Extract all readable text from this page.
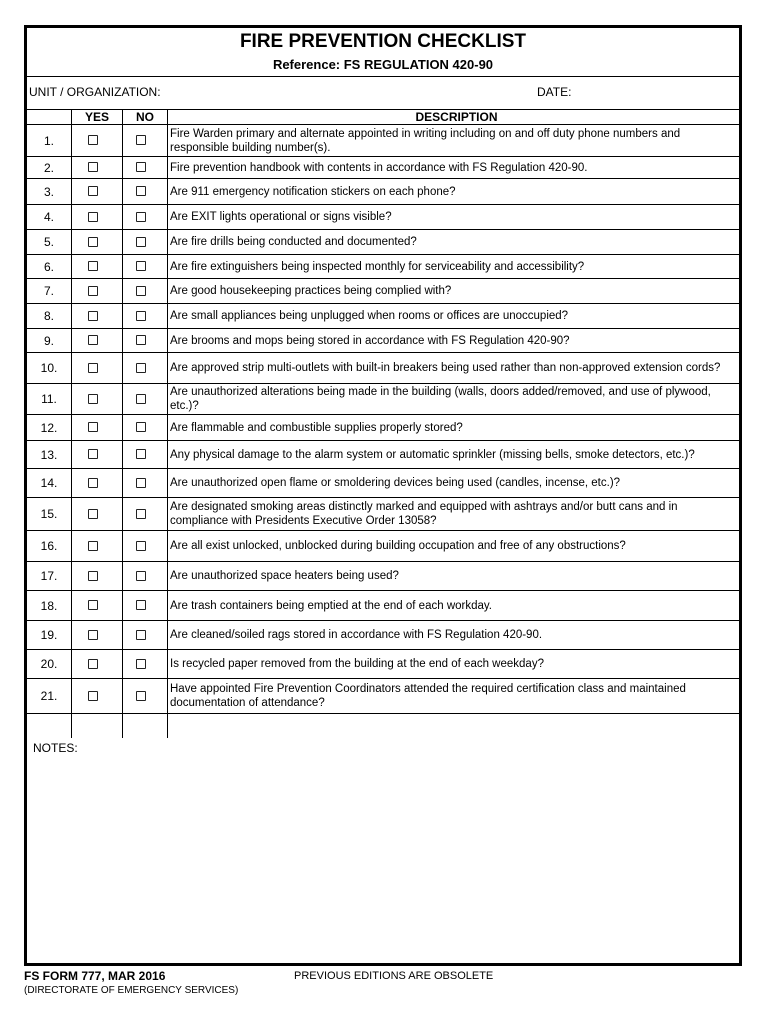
FIRE PREVENTION CHECKLIST
Reference: FS REGULATION 420-90
UNIT / ORGANIZATION:	DATE:
YES	NO	DESCRIPTION
1.	Fire Warden primary and alternate appointed in writing including on and off duty phone numbers and responsible building number(s).
2.	Fire prevention handbook with contents in accordance with FS Regulation 420-90.
3.	Are 911 emergency notification stickers on each phone?
4.	Are EXIT lights operational or signs visible?
5.	Are fire drills being conducted and documented?
6.	Are fire extinguishers being inspected monthly for serviceability and accessibility?
7.	Are good housekeeping practices being complied with?
8.	Are small appliances being unplugged when rooms or offices are unoccupied?
9.	Are brooms and mops being stored in accordance with FS Regulation 420-90?
10.	Are approved strip multi-outlets with built-in breakers being used rather than non-approved extension cords?
11.	Are unauthorized alterations being made in the building (walls, doors added/removed, and use of plywood, etc.)?
12.	Are flammable and combustible supplies properly stored?
13.	Any physical damage to the alarm system or automatic sprinkler (missing bells, smoke detectors, etc.)?
14.	Are unauthorized open flame or smoldering devices being used (candles, incense, etc.)?
15.	Are designated smoking areas distinctly marked and equipped with ashtrays and/or butt cans and in compliance with Presidents Executive Order 13058?
16.	Are all exist unlocked, unblocked during building occupation and free of any obstructions?
17.	Are unauthorized space heaters being used?
18.	Are trash containers being emptied at the end of each workday.
19.	Are cleaned/soiled rags stored in accordance with FS Regulation 420-90.
20.	Is recycled paper removed from the building at the end of each weekday?
21.	Have appointed Fire Prevention Coordinators attended the required certification class and maintained documentation of attendance?
NOTES:
FS FORM 777, MAR 2016
(DIRECTORATE OF EMERGENCY SERVICES)
PREVIOUS EDITIONS ARE OBSOLETE
